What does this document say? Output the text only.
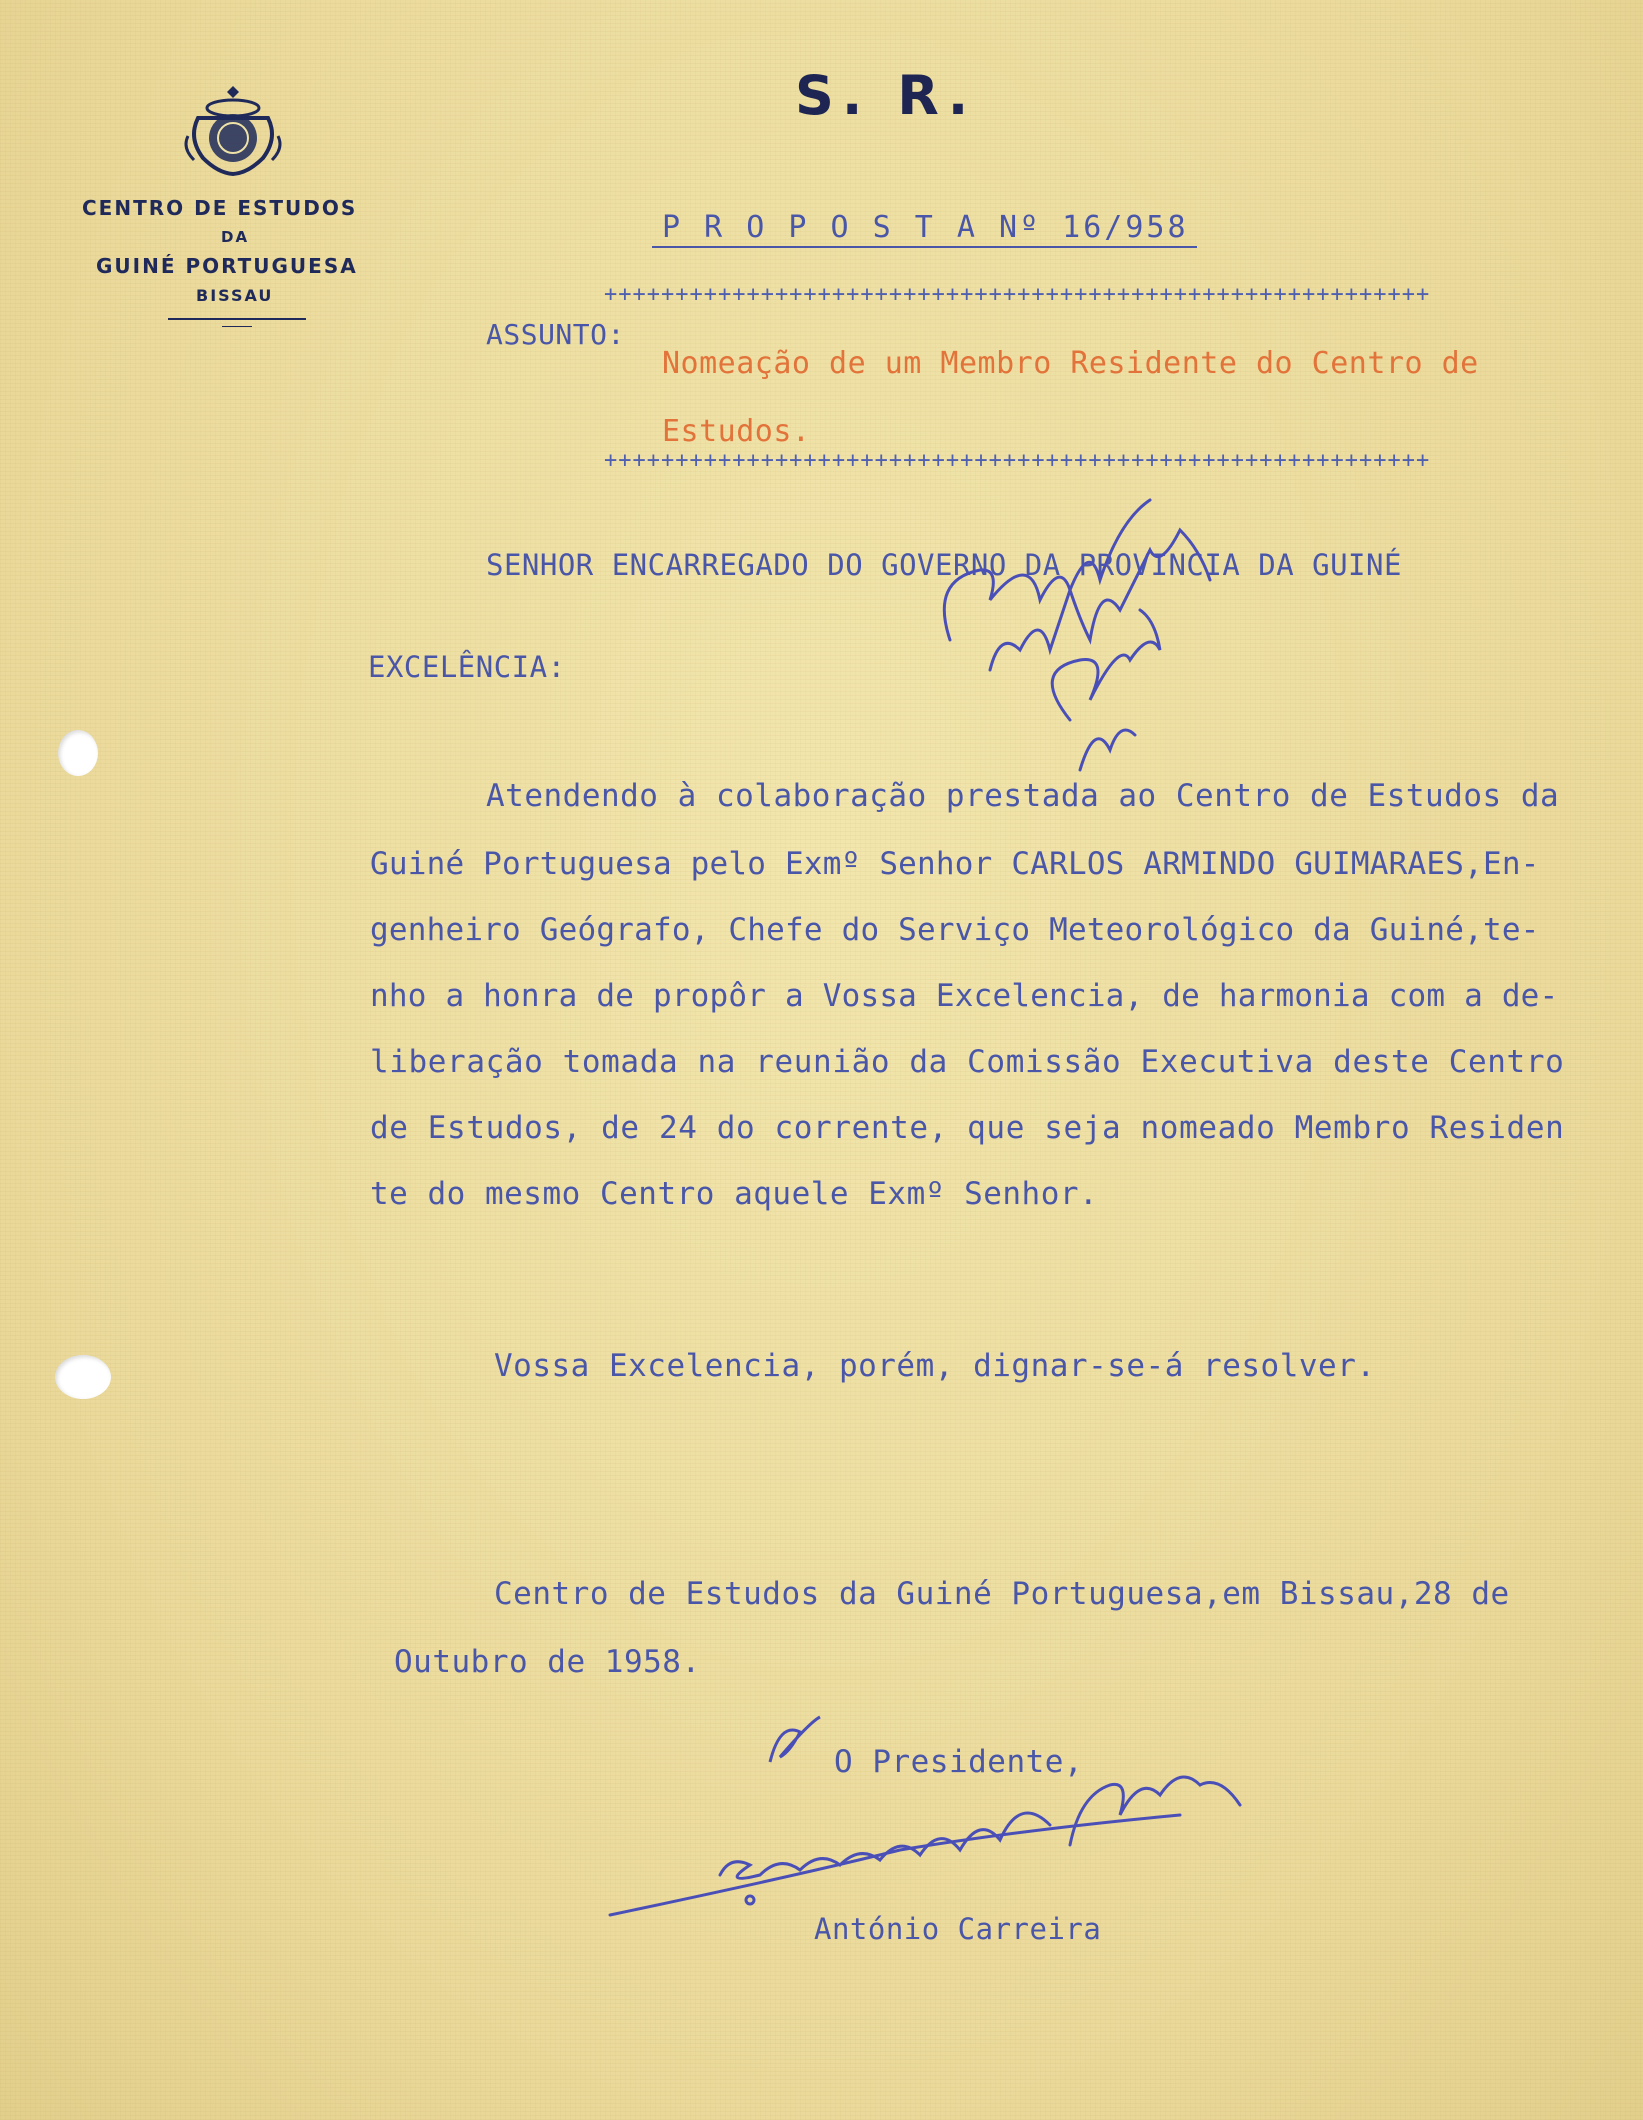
CENTRO DE ESTUDOS
DA
GUINÉ PORTUGUESA
BISSAU
S. R.
P R O P O S T A Nº 16/958
++++++++++++++++++++++++++++++++++++++++++++++++++++++++++
ASSUNTO:
Nomeação de um Membro Residente do Centro de
Estudos.
++++++++++++++++++++++++++++++++++++++++++++++++++++++++++
SENHOR ENCARREGADO DO GOVERNO DA PROVINCIA DA GUINÉ
EXCELÊNCIA:
Atendendo à colaboração prestada ao Centro de Estudos da
Guiné Portuguesa pelo Exmº Senhor CARLOS ARMINDO GUIMARAES,En-
genheiro Geógrafo, Chefe do Serviço Meteorológico da Guiné,te-
nho a honra de propôr a Vossa Excelencia, de harmonia com a de-
liberação tomada na reunião da Comissão Executiva deste Centro
de Estudos, de 24 do corrente, que seja nomeado Membro Residen
te do mesmo Centro aquele Exmº Senhor.
Vossa Excelencia, porém, dignar-se-á resolver.
Centro de Estudos da Guiné Portuguesa,em Bissau,28 de
Outubro de 1958.
O Presidente,
António Carreira
